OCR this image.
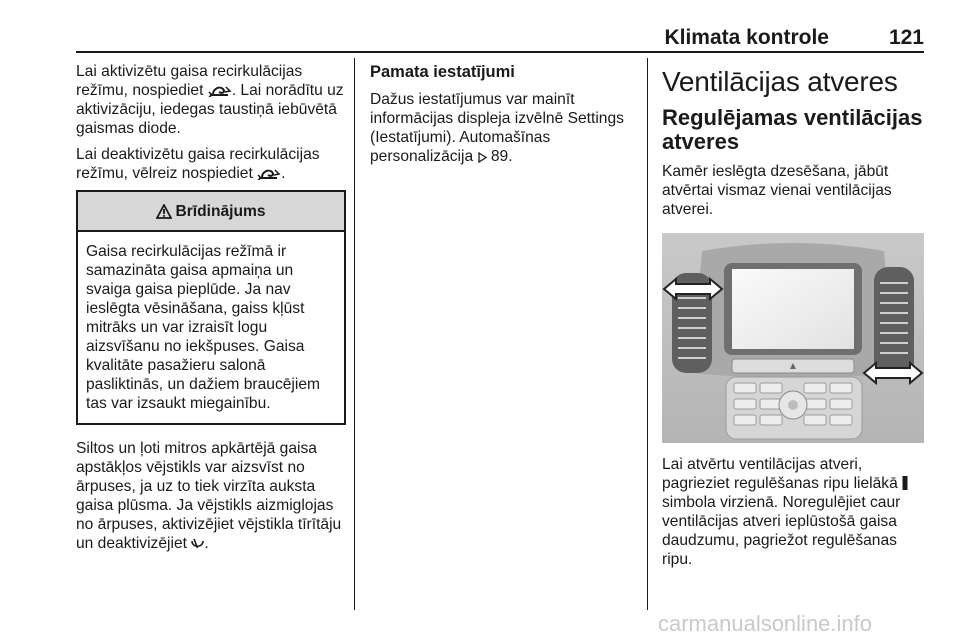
Klimata kontrole	121

Lai aktivizētu gaisa recirkulācijas režīmu, nospiediet . Lai norādītu uz aktivizāciju, iedegas taustiņā iebūvētā gaismas diode.

Lai deaktivizētu gaisa recirkulācijas režīmu, vēlreiz nospiediet .

Brīdinājums
Gaisa recirkulācijas režīmā ir samazināta gaisa apmaiņa un svaiga gaisa pieplūde. Ja nav ieslēgta vēsināšana, gaiss kļūst mitrāks un var izraisīt logu aizsvīšanu no iekšpuses. Gaisa kvalitāte pasažieru salonā pasliktinās, un dažiem braucējiem tas var izsaukt miegainību.

Siltos un ļoti mitros apkārtējā gaisa apstākļos vējstikls var aizsvīst no ārpuses, ja uz to tiek virzīta auksta gaisa plūsma. Ja vējstikls aizmiglojas no ārpuses, aktivizējiet vējstikla tīrītāju un deaktivizējiet .

Pamata iestatījumi

Dažus iestatījumus var mainīt informācijas displeja izvēlnē Settings (Iestatījumi). Automašīnas personalizācija 89.

Ventilācijas atveres
Regulējamas ventilācijas atveres

Kamēr ieslēgta dzesēšana, jābūt atvērtai vismaz vienai ventilācijas atverei.

Lai atvērtu ventilācijas atveri, pagrieziet regulēšanas ripu lielākā  simbola virzienā. Noregulējiet caur ventilācijas atveri ieplūstošā gaisa daudzumu, pagriežot regulēšanas ripu.

carmanualsonline.info
